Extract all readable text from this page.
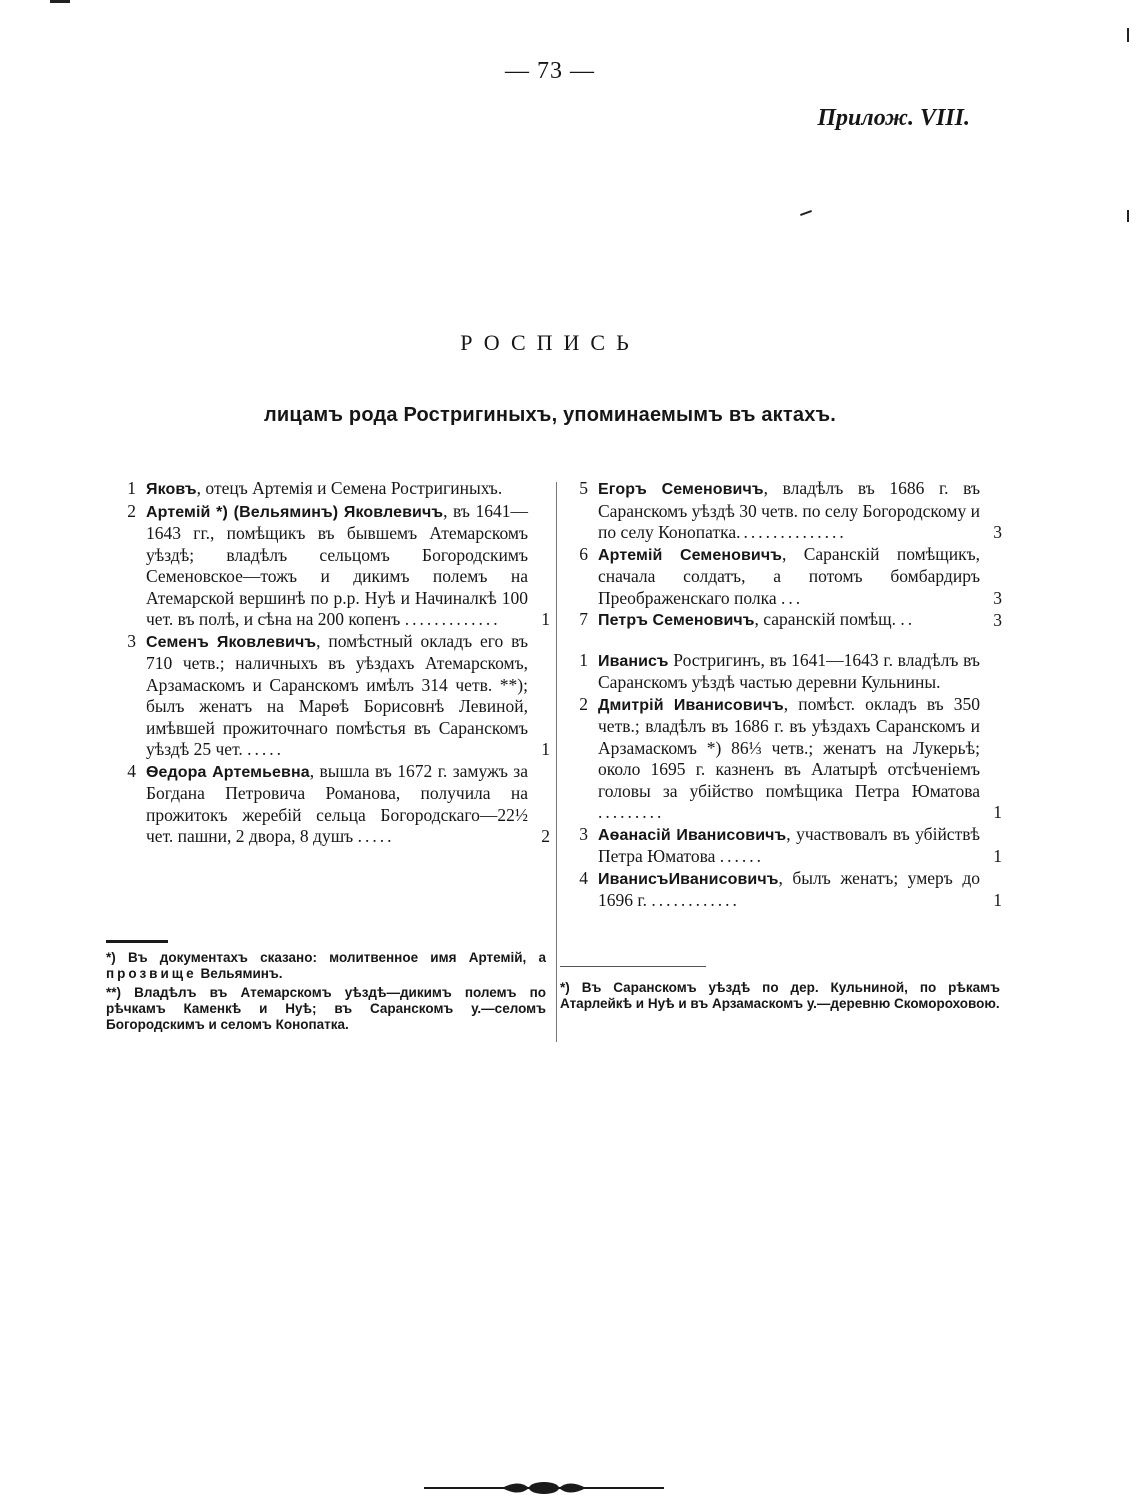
— 73 —
Прилож. VIII.
РОСПИСЬ
лицамъ рода Ростригиныхъ, упоминаемымъ въ актахъ.
1 Яковъ, отецъ Артемія и Семена Ростригиныхъ.
2 Артемій *) (Вельяминъ) Яковлевичъ, въ 1641—1643 гг., помѣщикъ въ бывшемъ Атемарскомъ уѣздѣ; владѣлъ сельцомъ Богородскимъ Семеновское—тожъ и дикимъ полемъ на Атемарской вершинѣ по р.р. Нуѣ и Начиналкѣ 100 чет. въ полѣ, и сѣна на 200 копенъ .............	1
3 Семенъ Яковлевичъ, помѣстный окладъ его въ 710 четв.; наличныхъ въ уѣздахъ Атемарскомъ, Арзамаскомъ и Саранскомъ имѣлъ 314 четв. **); былъ женатъ на Марѳѣ Борисовнѣ Левиной, имѣвшей прожиточнаго помѣстья въ Саранскомъ уѣздѣ 25 чет. .....	1
4 Ѳедора Артемьевна, вышла въ 1672 г. замужъ за Богдана Петровича Романова, получила на прожитокъ жеребій сельца Богородскаго—22½ чет. пашни, 2 двора, 8 душъ .....	2
5 Егоръ Семеновичъ, владѣлъ въ 1686 г. въ Саранскомъ уѣздѣ 30 четв. по селу Богородскому и по селу Конопатка...............	3
6 Артемій Семеновичъ, Саранскій помѣщикъ, сначала солдатъ, а потомъ бомбардиръ Преображенскаго полка ...	3
7 Петръ Семеновичъ, саранскій помѣщ. ..	3
1 Иванисъ Ростригинъ, въ 1641—1643 г. владѣлъ въ Саранскомъ уѣздѣ частью деревни Кульнины.
2 Дмитрій Иванисовичъ, помѣст. окладъ въ 350 четв.; владѣлъ въ 1686 г. въ уѣздахъ Саранскомъ и Арзамаскомъ *) 86⅓ четв.; женатъ на Лукерьѣ; около 1695 г. казненъ въ Алатырѣ отсѣченіемъ головы за убійство помѣщика Петра Юматова .........	1
3 Аѳанасій Иванисовичъ, участвовалъ въ убійствѣ Петра Юматова ......	1
4 ИванисъИванисовичъ, былъ женатъ; умеръ до 1696 г. ............	1
*) Въ документахъ сказано: молитвенное имя Артемій, а прозвище Вельяминъ.
**) Владѣлъ въ Атемарскомъ уѣздѣ—дикимъ полемъ по рѣчкамъ Каменкѣ и Нуѣ; въ Саранскомъ у.—селомъ Богородскимъ и селомъ Конопатка.
*) Въ Саранскомъ уѣздѣ по дер. Кульниной, по рѣкамъ Атарлейкѣ и Нуѣ и въ Арзамаскомъ у.—деревню Скомороховою.
